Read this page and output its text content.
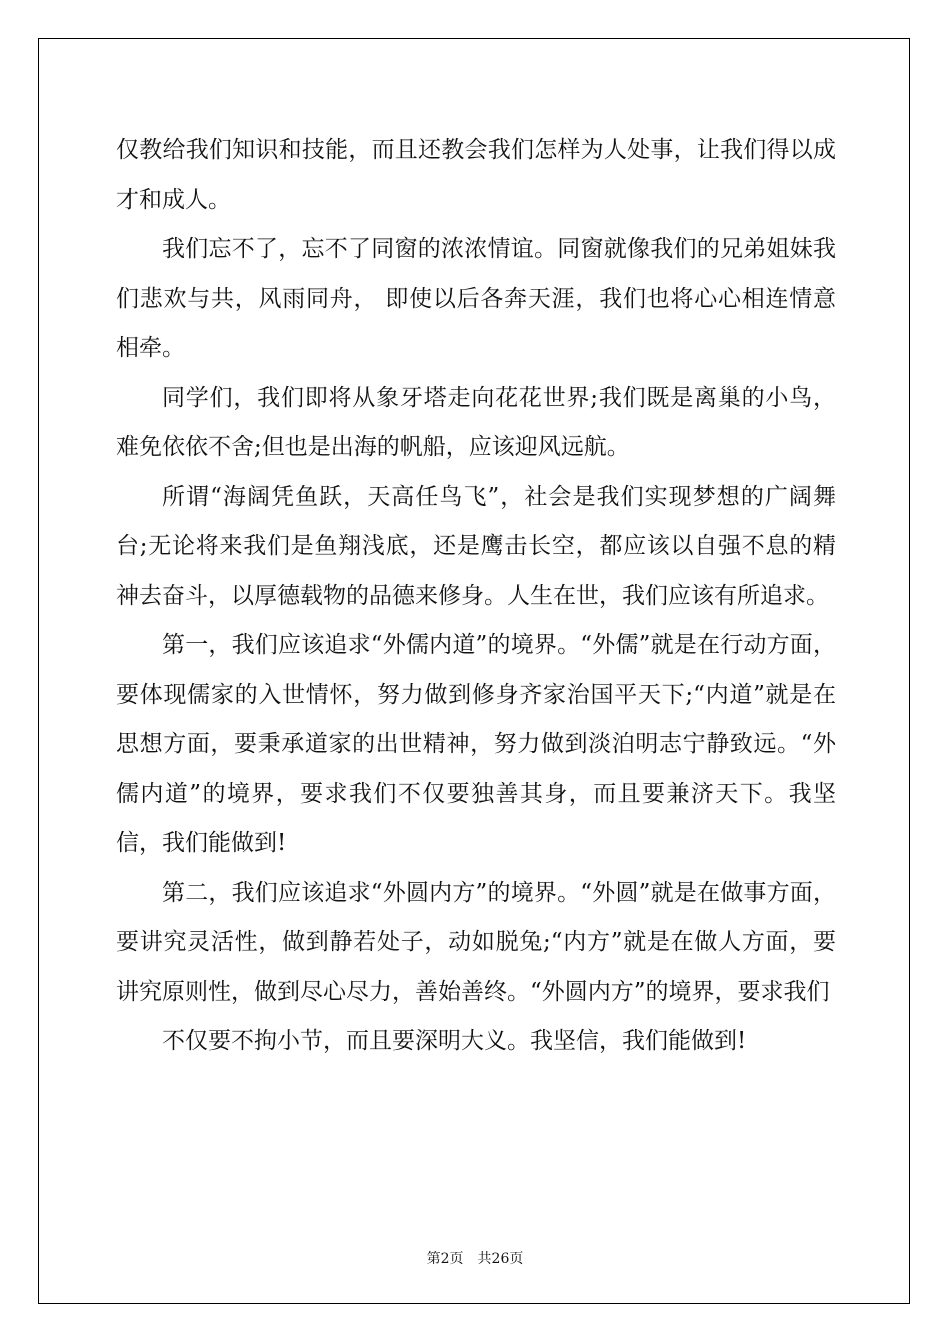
仅教给我们知识和技能，而且还教会我们怎样为人处事，让我们得以成才和成人。

我们忘不了，忘不了同窗的浓浓情谊。同窗就像我们的兄弟姐妹我们悲欢与共，风雨同舟， 即使以后各奔天涯，我们也将心心相连情意相牵。

同学们，我们即将从象牙塔走向花花世界;我们既是离巢的小鸟，难免依依不舍;但也是出海的帆船，应该迎风远航。

所谓“海阔凭鱼跃，天高任鸟飞”，社会是我们实现梦想的广阔舞台;无论将来我们是鱼翔浅底，还是鹰击长空，都应该以自强不息的精神去奋斗，以厚德载物的品德来修身。人生在世，我们应该有所追求。

第一，我们应该追求“外儒内道”的境界。“外儒”就是在行动方面，要体现儒家的入世情怀，努力做到修身齐家治国平天下;“内道”就是在思想方面，要秉承道家的出世精神，努力做到淡泊明志宁静致远。“外儒内道”的境界，要求我们不仅要独善其身，而且要兼济天下。我坚信，我们能做到!

第二，我们应该追求“外圆内方”的境界。“外圆”就是在做事方面，要讲究灵活性，做到静若处子，动如脱兔;“内方”就是在做人方面，要讲究原则性，做到尽心尽力，善始善终。“外圆内方”的境界，要求我们

不仅要不拘小节，而且要深明大义。我坚信，我们能做到!

第2页 共26页
